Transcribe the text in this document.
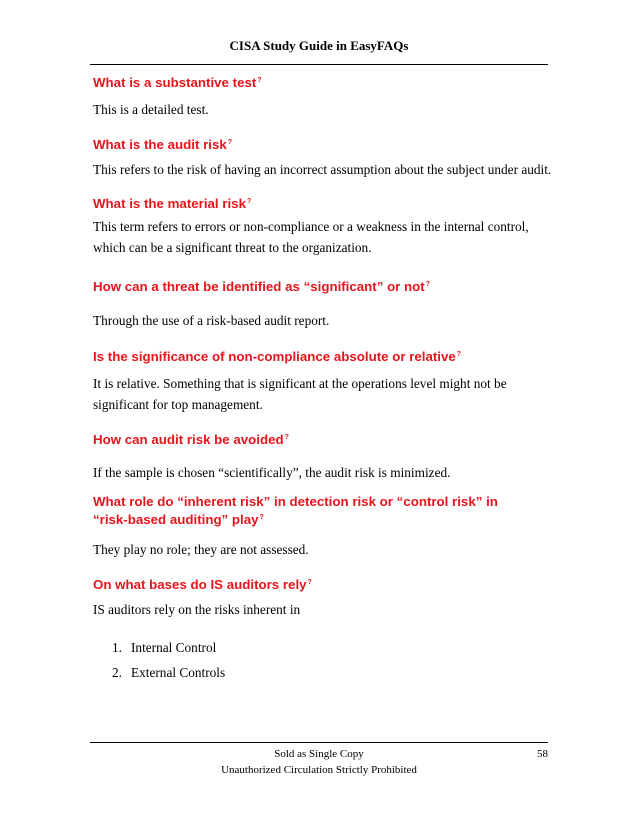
CISA Study Guide in EasyFAQs

What is a substantive test?

This is a detailed test.

What is the audit risk?

This refers to the risk of having an incorrect assumption about the subject under audit.

What is the material risk?

This term refers to errors or non-compliance or a weakness in the internal control, which can be a significant threat to the organization.

How can a threat be identified as “significant” or not?

Through the use of a risk-based audit report.

Is the significance of non-compliance absolute or relative?

It is relative. Something that is significant at the operations level might not be significant for top management.

How can audit risk be avoided?

If the sample is chosen “scientifically”, the audit risk is minimized.

What role do “inherent risk” in detection risk or “control risk” in “risk-based auditing” play?

They play no role; they are not assessed.

On what bases do IS auditors rely?

IS auditors rely on the risks inherent in

1. Internal Control
2. External Controls
Sold as Single Copy
Unauthorized Circulation Strictly Prohibited
58
